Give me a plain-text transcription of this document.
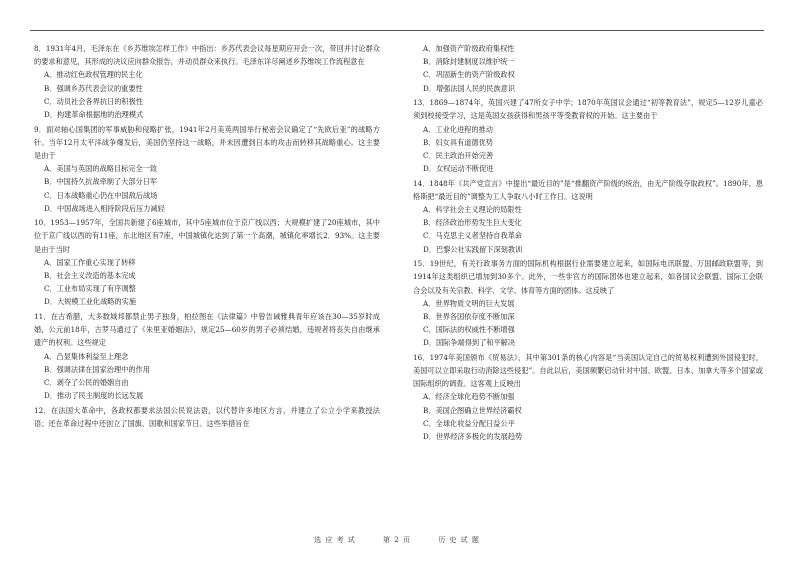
8．1931年4月，毛泽东在《乡苏维埃怎样工作》中指出：乡苏代表会议每星期应开会一次，带回并讨论群众的要求和意见，其形成的决议应向群众报告，并动员群众来执行。毛泽东详尽阐述乡苏维埃工作流程意在
A．推动红色政权管理的民主化
B．强调乡苏代表会议的重要性
C．动员社会各界抗日的积极性
D．构建革命根据地的治理模式
9．面对轴心国集团的军事威胁和侵略扩张，1941年2月美英两国举行秘密会议确定了“先欧后亚”的战略方针。当年12月太平洋战争爆发后，美国仍坚持这一战略，并未因遭到日本的攻击而转移其战略重心。这主要是由于
A．美国与英国的战略目标完全一致
B．中国持久抗战牵制了大部分日军
C．日本战略重心仍在中国敌后战场
D．中国战场进入相持阶段后压力减轻
10．1953—1957年，全国共新建了6座城市，其中5座城市位于京广线以西；大规模扩建了20座城市，其中位于京广线以西的有11座，东北地区有7座，中国城镇化达到了第一个高潮，城镇化率增长2．93%。这主要是由于当时
A．国家工作重心实现了转移
B．社会主义改造的基本完成
C．工业布局实现了有序调整
D．大规模工业化战略的实施
11．在古希腊，大多数城邦都禁止男子独身，柏拉图在《法律篇》中曾告诫雅典青年应该在30—35岁时成婚，公元前18年，古罗马通过了《朱里亚婚姻法》，规定25—60岁的男子必须结婚，违规者将丧失自由继承遗产的权利。这些规定
A．凸显集体利益至上理念
B．强调法律在国家治理中的作用
C．剥夺了公民的婚姻自由
D．推动了民主制度的长远发展
12．在法国大革命中，各政权都要求法国公民说法语，以代替许多地区方言，并建立了公立小学来教授法语；还在革命过程中还创立了国旗、国歌和国家节日。这些举措旨在
A．加强资产阶级政府集权性
B．消除封建制度以维护统一
C．巩固新生的资产阶级政权
D．增强法国人民的民族意识
13．1869—1874年，英国兴建了47所女子中学；1870年英国议会通过“初等教育法”，规定5—12岁儿童必须到校接受学习，这是英国女孩获得和男孩平等受教育权的开始。这主要由于
A．工业化进程的推动
B．妇女具有道德优势
C．民主政治开始完善
D．女权运动不断促进
14．1848年《共产党宣言》中提出“最近目的”是“推翻资产阶级的统治，由无产阶级夺取政权”。1890年，恩格斯把“最近目的”调整为工人争取八小时工作日。这说明
A．科学社会主义理论的局限性
B．经济政治形势发生巨大变化
C．马克思主义者坚持自我革命
D．巴黎公社实践留下深刻教训
15．19世纪，有关行政事务方面的国际机构根据行业需要建立起来，如国际电讯联盟、万国邮政联盟等，到1914年这类组织已增加到30多个。此外，一些非官方的国际团体也建立起来，如各国议会联盟、国际工会联合会以及有关宗教、科学、文学、体育等方面的团体。这反映了
A．世界物质文明的巨大发展
B．世界各国依存度不断加深
C．国际法的权威性不断增强
D．国际争端得到了和平解决
16．1974年美国颁布《贸易法》，其中第301条的核心内容是“当美国认定自己的贸易权利遭到外国侵犯时，美国可以立即采取行动消除这些侵犯”。自此以后，美国频繁启动针对中国、欧盟、日本、加拿大等多个国家或国际组织的调查。这客观上反映出
A．经济全球化趋势不断加强
B．美国企图确立世界经济霸权
C．全球化收益分配日益公平
D．世界经济多极化的发展趋势
选 应 考 试	第 2 页	历 史 试 题
